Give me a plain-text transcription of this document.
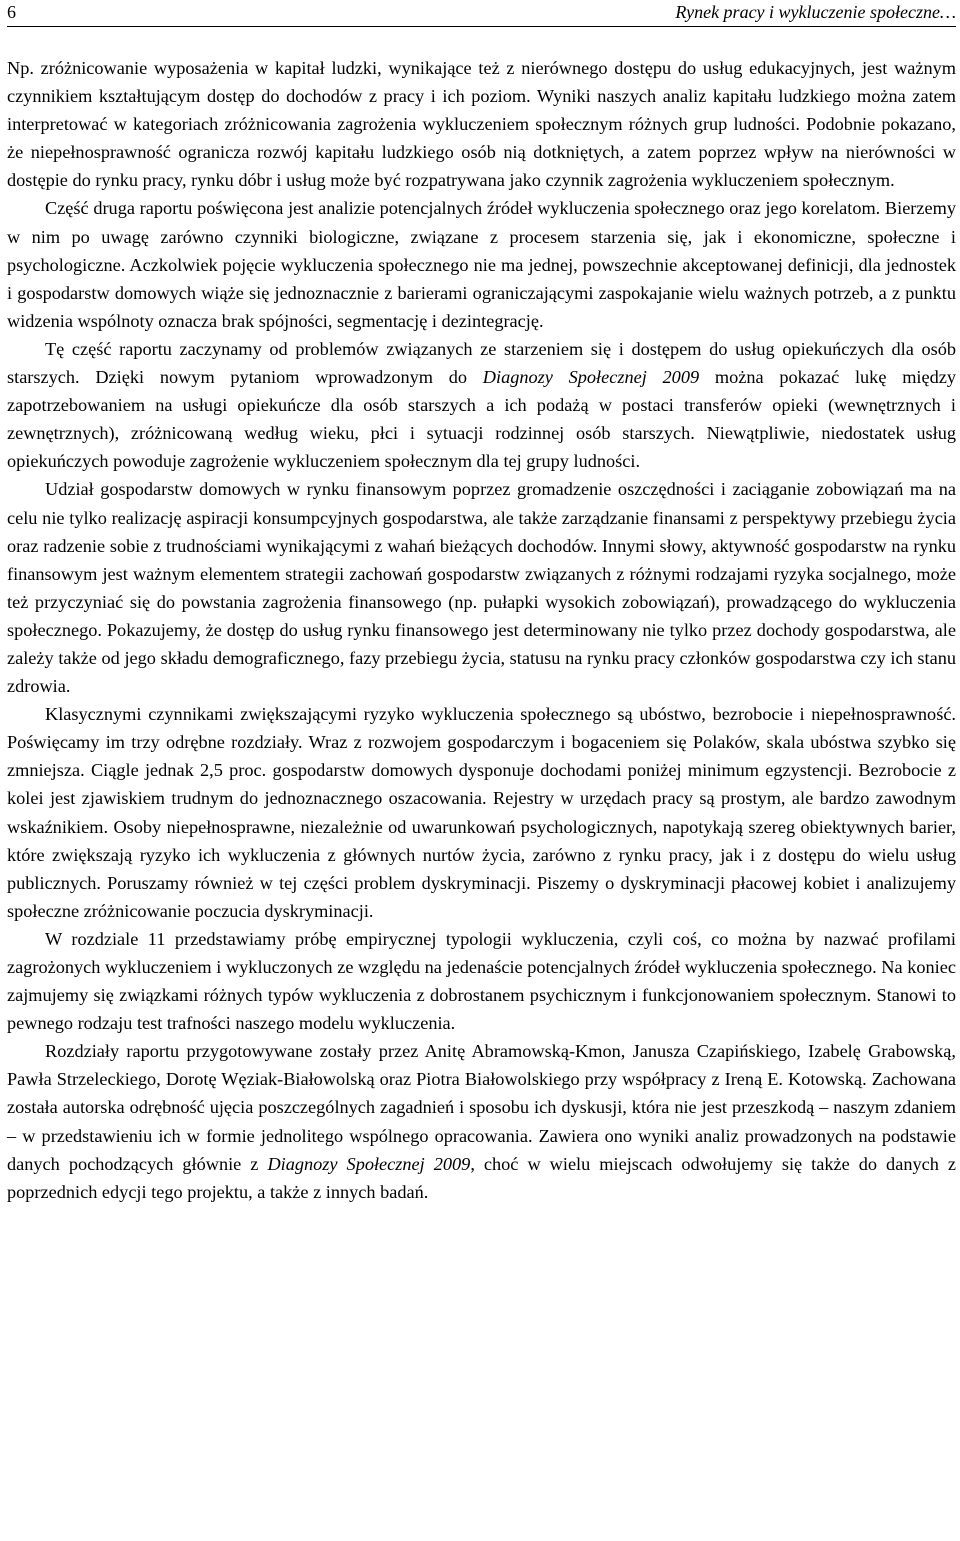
6	Rynek pracy i wykluczenie społeczne…

Np. zróżnicowanie wyposażenia w kapitał ludzki, wynikające też z nierównego dostępu do usług edukacyjnych, jest ważnym czynnikiem kształtującym dostęp do dochodów z pracy i ich poziom. Wyniki naszych analiz kapitału ludzkiego można zatem interpretować w kategoriach zróżnicowania zagrożenia wykluczeniem społecznym różnych grup ludności. Podobnie pokazano, że niepełnosprawność ogranicza rozwój kapitału ludzkiego osób nią dotkniętych, a zatem poprzez wpływ na nierówności w dostępie do rynku pracy, rynku dóbr i usług może być rozpatrywana jako czynnik zagrożenia wykluczeniem społecznym.

Część druga raportu poświęcona jest analizie potencjalnych źródeł wykluczenia społecznego oraz jego korelatom. Bierzemy w nim po uwagę zarówno czynniki biologiczne, związane z procesem starzenia się, jak i ekonomiczne, społeczne i psychologiczne. Aczkolwiek pojęcie wykluczenia społecznego nie ma jednej, powszechnie akceptowanej definicji, dla jednostek i gospodarstw domowych wiąże się jednoznacznie z barierami ograniczającymi zaspokajanie wielu ważnych potrzeb, a z punktu widzenia wspólnoty oznacza brak spójności, segmentację i dezintegrację.

Tę część raportu zaczynamy od problemów związanych ze starzeniem się i dostępem do usług opiekuńczych dla osób starszych. Dzięki nowym pytaniom wprowadzonym do Diagnozy Społecznej 2009 można pokazać lukę między zapotrzebowaniem na usługi opiekuńcze dla osób starszych a ich podażą w postaci transferów opieki (wewnętrznych i zewnętrznych), zróżnicowaną według wieku, płci i sytuacji rodzinnej osób starszych. Niewątpliwie, niedostatek usług opiekuńczych powoduje zagrożenie wykluczeniem społecznym dla tej grupy ludności.

Udział gospodarstw domowych w rynku finansowym poprzez gromadzenie oszczędności i zaciąganie zobowiązań ma na celu nie tylko realizację aspiracji konsumpcyjnych gospodarstwa, ale także zarządzanie finansami z perspektywy przebiegu życia oraz radzenie sobie z trudnościami wynikającymi z wahań bieżących dochodów. Innymi słowy, aktywność gospodarstw na rynku finansowym jest ważnym elementem strategii zachowań gospodarstw związanych z różnymi rodzajami ryzyka socjalnego, może też przyczyniać się do powstania zagrożenia finansowego (np. pułapki wysokich zobowiązań), prowadzącego do wykluczenia społecznego. Pokazujemy, że dostęp do usług rynku finansowego jest determinowany nie tylko przez dochody gospodarstwa, ale zależy także od jego składu demograficznego, fazy przebiegu życia, statusu na rynku pracy członków gospodarstwa czy ich stanu zdrowia.

Klasycznymi czynnikami zwiększającymi ryzyko wykluczenia społecznego są ubóstwo, bezrobocie i niepełnosprawność. Poświęcamy im trzy odrębne rozdziały. Wraz z rozwojem gospodarczym i bogaceniem się Polaków, skala ubóstwa szybko się zmniejsza. Ciągle jednak 2,5 proc. gospodarstw domowych dysponuje dochodami poniżej minimum egzystencji. Bezrobocie z kolei jest zjawiskiem trudnym do jednoznacznego oszacowania. Rejestry w urzędach pracy są prostym, ale bardzo zawodnym wskaźnikiem. Osoby niepełnosprawne, niezależnie od uwarunkowań psychologicznych, napotykają szereg obiektywnych barier, które zwiększają ryzyko ich wykluczenia z głównych nurtów życia, zarówno z rynku pracy, jak i z dostępu do wielu usług publicznych. Poruszamy również w tej części problem dyskryminacji. Piszemy o dyskryminacji płacowej kobiet i analizujemy społeczne zróżnicowanie poczucia dyskryminacji.

W rozdziale 11 przedstawiamy próbę empirycznej typologii wykluczenia, czyli coś, co można by nazwać profilami zagrożonych wykluczeniem i wykluczonych ze względu na jedenaście potencjalnych źródeł wykluczenia społecznego. Na koniec zajmujemy się związkami różnych typów wykluczenia z dobrostanem psychicznym i funkcjonowaniem społecznym. Stanowi to pewnego rodzaju test trafności naszego modelu wykluczenia.

Rozdziały raportu przygotowywane zostały przez Anitę Abramowską-Kmon, Janusza Czapińskiego, Izabelę Grabowską, Pawła Strzeleckiego, Dorotę Węziak-Białowolską oraz Piotra Białowolskiego przy współpracy z Ireną E. Kotowską. Zachowana została autorska odrębność ujęcia poszczególnych zagadnień i sposobu ich dyskusji, która nie jest przeszkodą – naszym zdaniem – w przedstawieniu ich w formie jednolitego wspólnego opracowania. Zawiera ono wyniki analiz prowadzonych na podstawie danych pochodzących głównie z Diagnozy Społecznej 2009, choć w wielu miejscach odwołujemy się także do danych z poprzednich edycji tego projektu, a także z innych badań.
